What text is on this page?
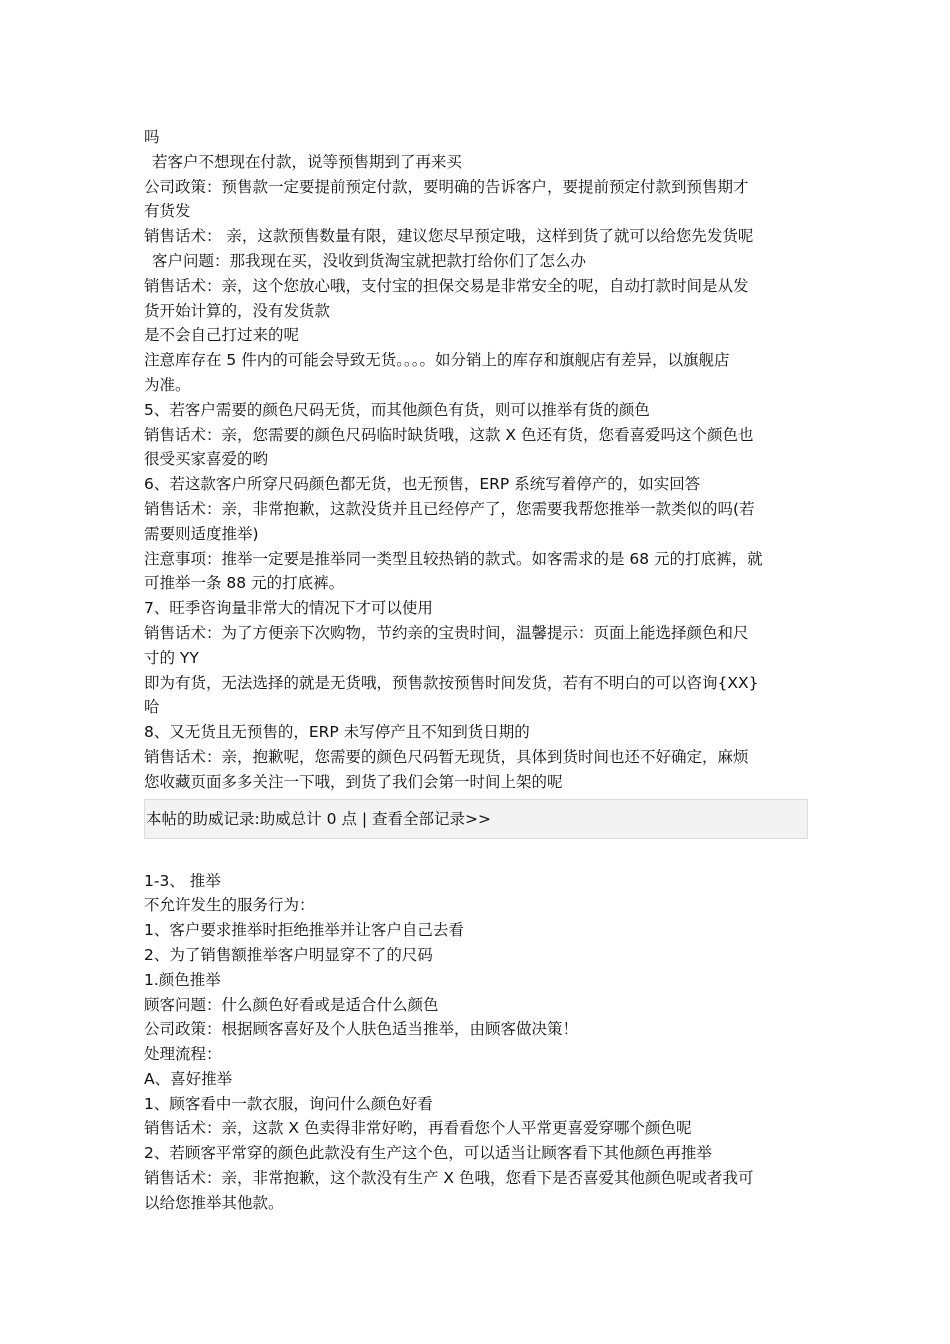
吗
若客户不想现在付款，说等预售期到了再来买
公司政策：预售款一定要提前预定付款，要明确的告诉客户，要提前预定付款到预售期才
有货发
销售话术： 亲，这款预售数量有限，建议您尽早预定哦，这样到货了就可以给您先发货呢
客户问题：那我现在买，没收到货淘宝就把款打给你们了怎么办
销售话术：亲，这个您放心哦，支付宝的担保交易是非常安全的呢，自动打款时间是从发
货开始计算的，没有发货款
是不会自己打过来的呢
注意库存在 5 件内的可能会导致无货。。。。如分销上的库存和旗舰店有差异，以旗舰店
为准。
5、若客户需要的颜色尺码无货，而其他颜色有货，则可以推举有货的颜色
销售话术：亲，您需要的颜色尺码临时缺货哦，这款 X 色还有货，您看喜爱吗这个颜色也
很受买家喜爱的哟
6、若这款客户所穿尺码颜色都无货，也无预售，ERP 系统写着停产的，如实回答
销售话术：亲，非常抱歉，这款没货并且已经停产了，您需要我帮您推举一款类似的吗(若
需要则适度推举)
注意事项：推举一定要是推举同一类型且较热销的款式。如客需求的是 68 元的打底裤，就
可推举一条 88 元的打底裤。
7、旺季咨询量非常大的情况下才可以使用
销售话术：为了方便亲下次购物，节约亲的宝贵时间，温馨提示：页面上能选择颜色和尺
寸的 YY
即为有货，无法选择的就是无货哦，预售款按预售时间发货，若有不明白的可以咨询{XX}
哈
8、又无货且无预售的，ERP 未写停产且不知到货日期的
销售话术：亲，抱歉呢，您需要的颜色尺码暂无现货，具体到货时间也还不好确定，麻烦
您收藏页面多多关注一下哦，到货了我们会第一时间上架的呢
本帖的助威记录:助威总计 0 点 | 查看全部记录>>
1-3、 推举
不允许发生的服务行为：
1、客户要求推举时拒绝推举并让客户自己去看
2、为了销售额推举客户明显穿不了的尺码
1.颜色推举
顾客问题：什么颜色好看或是适合什么颜色
公司政策：根据顾客喜好及个人肤色适当推举，由顾客做决策！
处理流程：
A、喜好推举
1、顾客看中一款衣服，询问什么颜色好看
销售话术：亲，这款 X 色卖得非常好哟，再看看您个人平常更喜爱穿哪个颜色呢
2、若顾客平常穿的颜色此款没有生产这个色，可以适当让顾客看下其他颜色再推举
销售话术：亲，非常抱歉，这个款没有生产 X 色哦，您看下是否喜爱其他颜色呢或者我可
以给您推举其他款。
